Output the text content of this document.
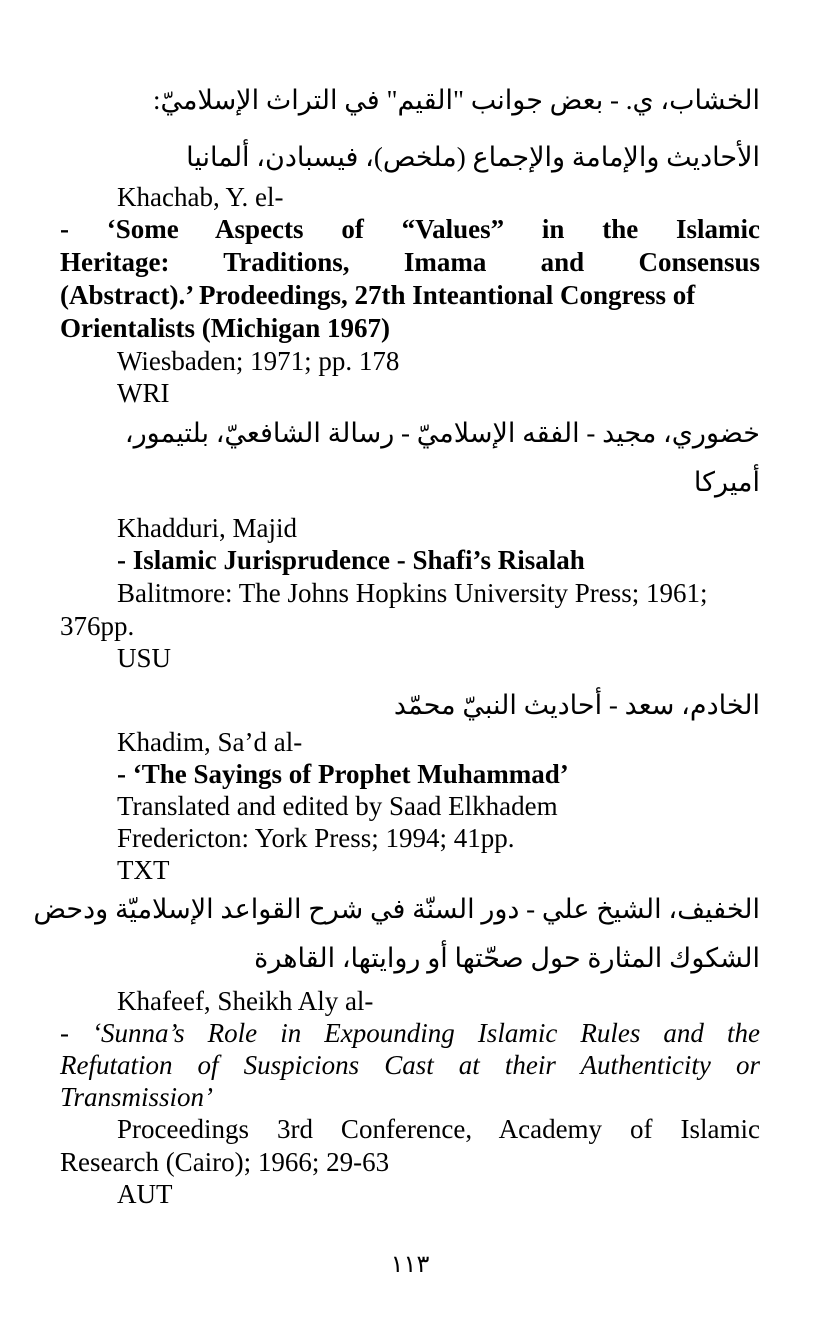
الخشاب، ي. - بعض جوانب "القيم" في التراث الإسلاميّ:

الأحاديث والإمامة والإجماع (ملخص)، فيسبادن، ألمانيا

Khachab, Y. el-

- ‘Some Aspects of “Values” in the Islamic

Heritage: Traditions, Imama and Consensus

(Abstract).’ Prodeedings, 27th Inteantional Congress of

Orientalists (Michigan 1967)

Wiesbaden; 1971; pp. 178

WRI

خضوري، مجيد - الفقه الإسلاميّ - رسالة الشافعيّ، بلتيمور،

أميركا

Khadduri, Majid

- Islamic Jurisprudence - Shafi’s Risalah

Balitmore: The Johns Hopkins University Press; 1961;

376pp.

USU

الخادم، سعد - أحاديث النبيّ محمّد

Khadim, Sa’d al-

- ‘The Sayings of Prophet Muhammad’

Translated and edited by Saad Elkhadem

Fredericton: York Press; 1994; 41pp.

TXT

الخفيف، الشيخ علي - دور السنّة في شرح القواعد الإسلاميّة ودحض

الشكوك المثارة حول صحّتها أو روايتها، القاهرة

Khafeef, Sheikh Aly al-

- ‘Sunna’s Role in Expounding Islamic Rules and the

Refutation of Suspicions Cast at their Authenticity or

Transmission’

Proceedings 3rd Conference, Academy of Islamic

Research (Cairo); 1966; 29-63

AUT

١١٣
